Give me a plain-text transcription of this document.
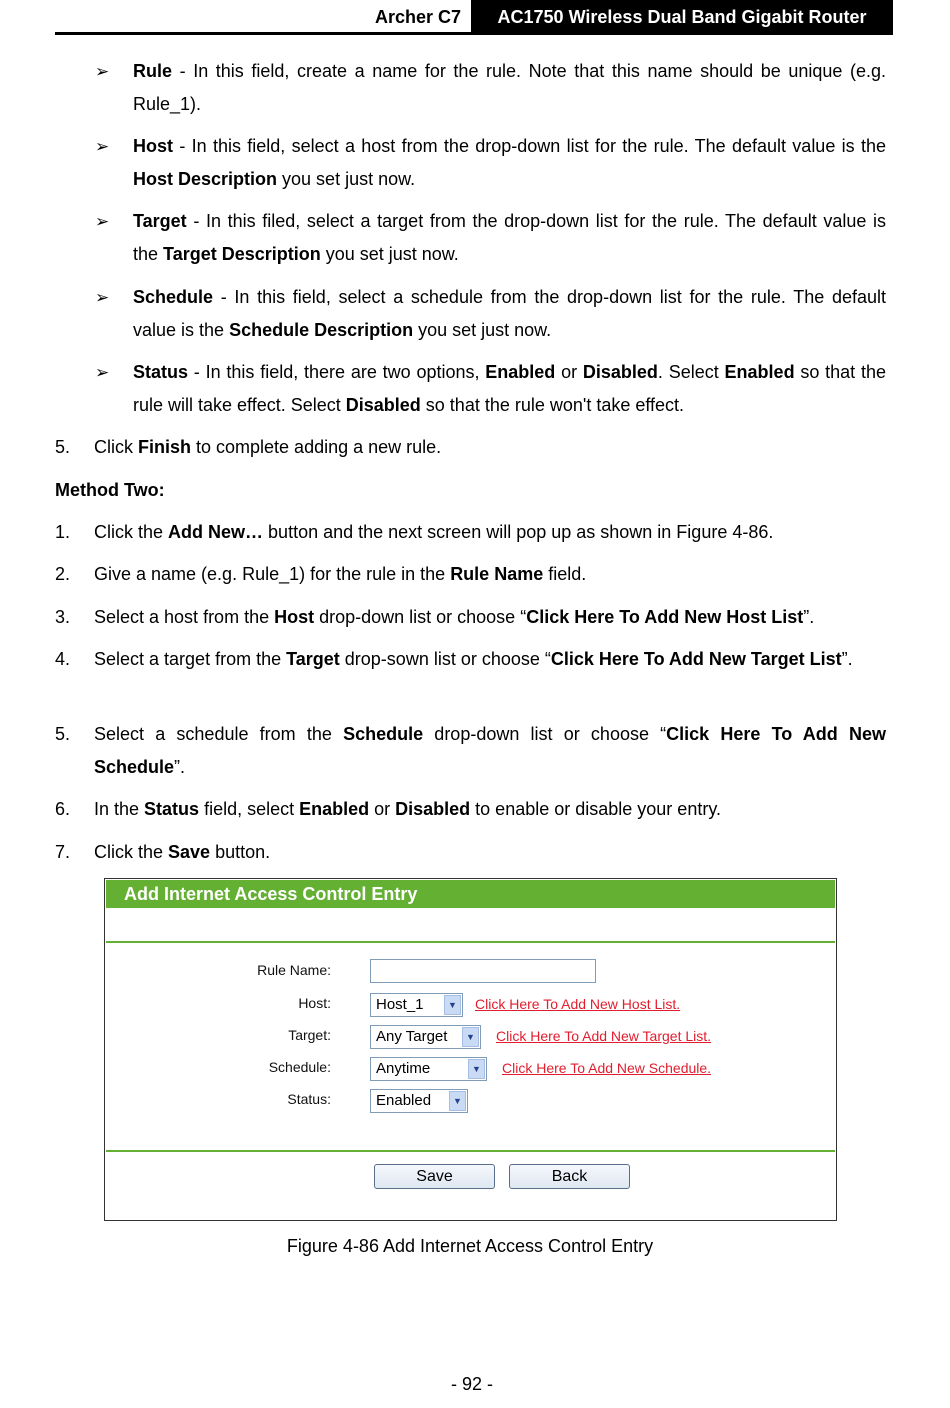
Archer C7	AC1750 Wireless Dual Band Gigabit Router
➢ Rule - In this field, create a name for the rule. Note that this name should be unique (e.g. Rule_1).
➢ Host - In this field, select a host from the drop-down list for the rule. The default value is the Host Description you set just now.
➢ Target - In this filed, select a target from the drop-down list for the rule. The default value is the Target Description you set just now.
➢ Schedule - In this field, select a schedule from the drop-down list for the rule. The default value is the Schedule Description you set just now.
➢ Status - In this field, there are two options, Enabled or Disabled. Select Enabled so that the rule will take effect. Select Disabled so that the rule won't take effect.
5. Click Finish to complete adding a new rule.
Method Two:
1. Click the Add New… button and the next screen will pop up as shown in Figure 4-86.
2. Give a name (e.g. Rule_1) for the rule in the Rule Name field.
3. Select a host from the Host drop-down list or choose “Click Here To Add New Host List”.
4. Select a target from the Target drop-sown list or choose “Click Here To Add New Target List”.
5. Select a schedule from the Schedule drop-down list or choose “Click Here To Add New Schedule”.
6. In the Status field, select Enabled or Disabled to enable or disable your entry.
7. Click the Save button.
Add Internet Access Control Entry
Rule Name:
Host:	Host_1	▼ Click Here To Add New Host List.
Target:	Any Target	▼ Click Here To Add New Target List.
Schedule:	Anytime	▼ Click Here To Add New Schedule.
Status:	Enabled	▼
Save	Back
Figure 4-86 Add Internet Access Control Entry
- 92 -
